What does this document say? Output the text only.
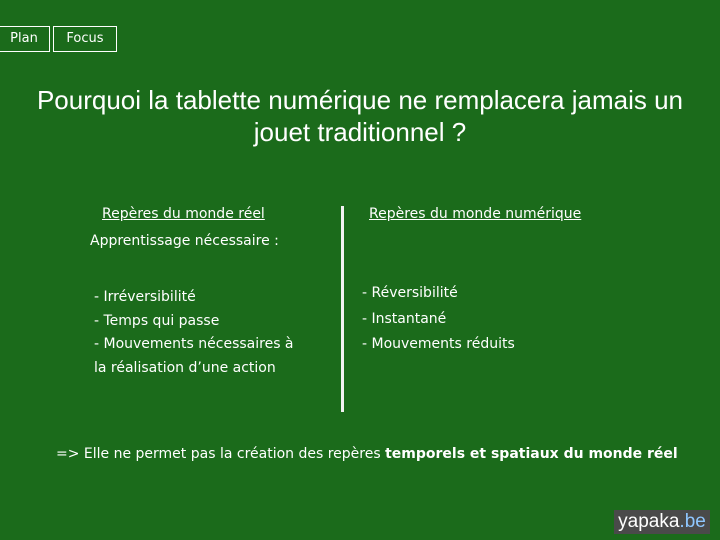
Plan	Focus
Pourquoi la tablette numérique ne remplacera jamais un
jouet traditionnel ?
Repères du monde réel
Apprentissage nécessaire :
- Irréversibilité
- Temps qui passe
- Mouvements nécessaires à
la réalisation d’une action
Repères du monde numérique
- Réversibilité
- Instantané
- Mouvements réduits
=> Elle ne permet pas la création des repères temporels et spatiaux du monde réel
yapaka.be
